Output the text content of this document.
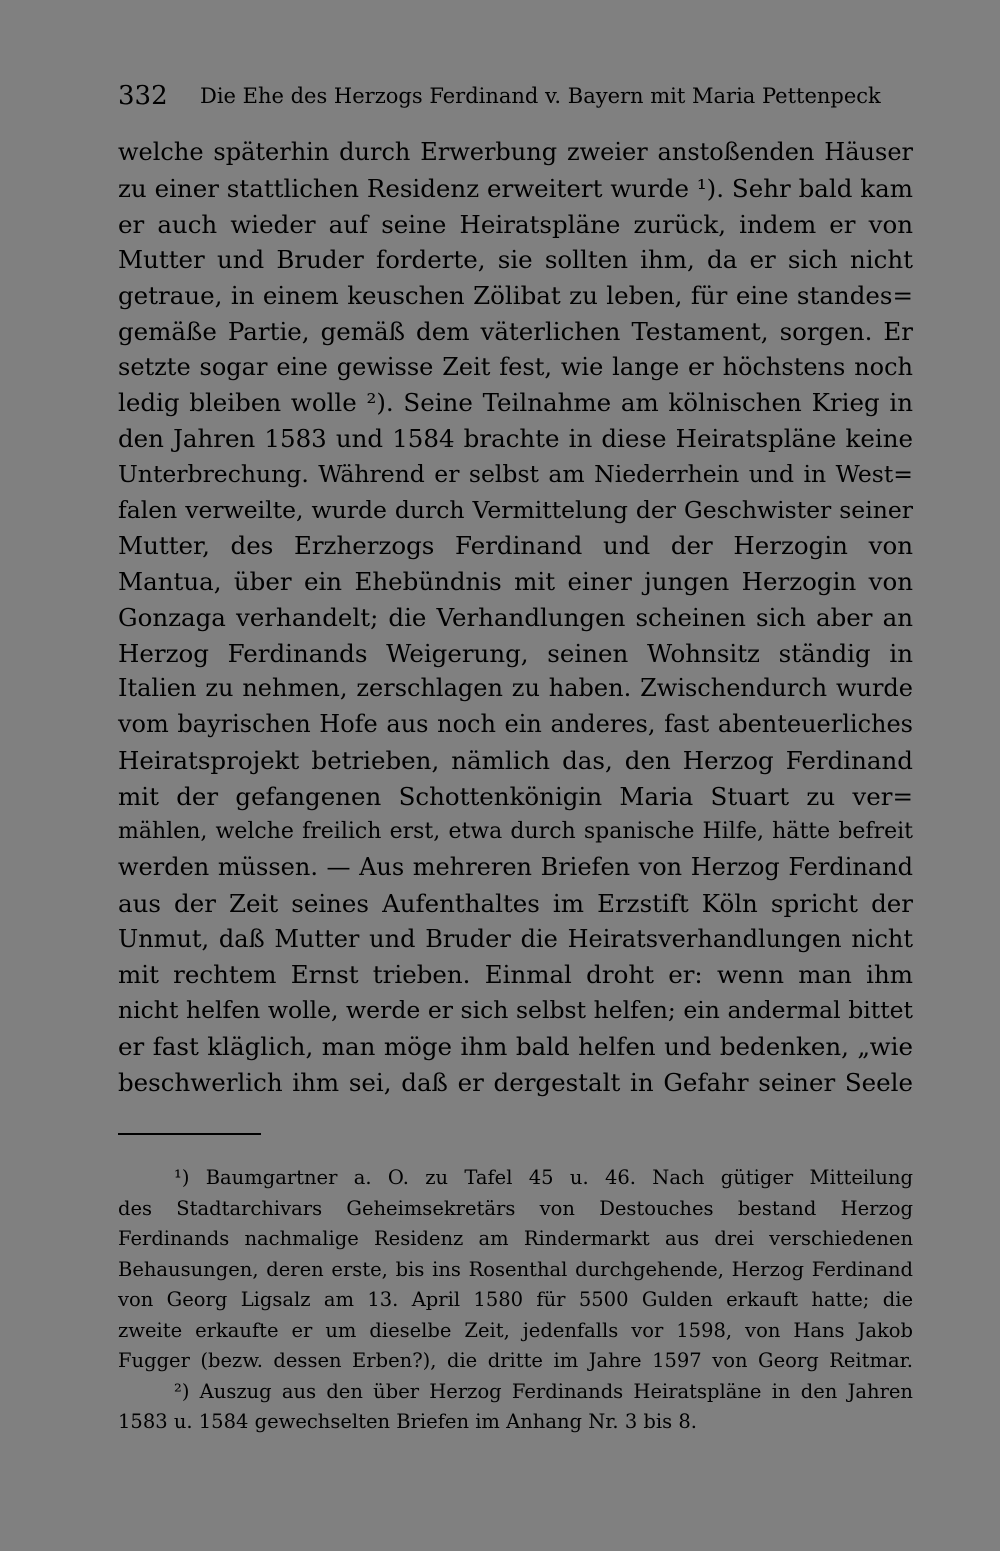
332 Die Ehe des Herzogs Ferdinand v. Bayern mit Maria Pettenpeck
welche späterhin durch Erwerbung zweier anstoßenden Häuser
zu einer stattlichen Residenz erweitert wurde ¹). Sehr bald kam
er auch wieder auf seine Heiratspläne zurück, indem er von
Mutter und Bruder forderte, sie sollten ihm, da er sich nicht
getraue, in einem keuschen Zölibat zu leben, für eine standes=
gemäße Partie, gemäß dem väterlichen Testament, sorgen. Er
setzte sogar eine gewisse Zeit fest, wie lange er höchstens noch
ledig bleiben wolle ²). Seine Teilnahme am kölnischen Krieg in
den Jahren 1583 und 1584 brachte in diese Heiratspläne keine
Unterbrechung. Während er selbst am Niederrhein und in West=
falen verweilte, wurde durch Vermittelung der Geschwister seiner
Mutter, des Erzherzogs Ferdinand und der Herzogin von
Mantua, über ein Ehebündnis mit einer jungen Herzogin von
Gonzaga verhandelt; die Verhandlungen scheinen sich aber an
Herzog Ferdinands Weigerung, seinen Wohnsitz ständig in
Italien zu nehmen, zerschlagen zu haben. Zwischendurch wurde
vom bayrischen Hofe aus noch ein anderes, fast abenteuerliches
Heiratsprojekt betrieben, nämlich das, den Herzog Ferdinand
mit der gefangenen Schottenkönigin Maria Stuart zu ver=
mählen, welche freilich erst, etwa durch spanische Hilfe, hätte befreit
werden müssen. — Aus mehreren Briefen von Herzog Ferdinand
aus der Zeit seines Aufenthaltes im Erzstift Köln spricht der
Unmut, daß Mutter und Bruder die Heiratsverhandlungen nicht
mit rechtem Ernst trieben. Einmal droht er: wenn man ihm
nicht helfen wolle, werde er sich selbst helfen; ein andermal bittet
er fast kläglich, man möge ihm bald helfen und bedenken, „wie
beschwerlich ihm sei, daß er dergestalt in Gefahr seiner Seele
¹) Baumgartner a. O. zu Tafel 45 u. 46. Nach gütiger Mitteilung
des Stadtarchivars Geheimsekretärs von Destouches bestand Herzog
Ferdinands nachmalige Residenz am Rindermarkt aus drei verschiedenen
Behausungen, deren erste, bis ins Rosenthal durchgehende, Herzog Ferdinand
von Georg Ligsalz am 13. April 1580 für 5500 Gulden erkauft hatte; die
zweite erkaufte er um dieselbe Zeit, jedenfalls vor 1598, von Hans Jakob
Fugger (bezw. dessen Erben?), die dritte im Jahre 1597 von Georg Reitmar.
²) Auszug aus den über Herzog Ferdinands Heiratspläne in den Jahren
1583 u. 1584 gewechselten Briefen im Anhang Nr. 3 bis 8.
